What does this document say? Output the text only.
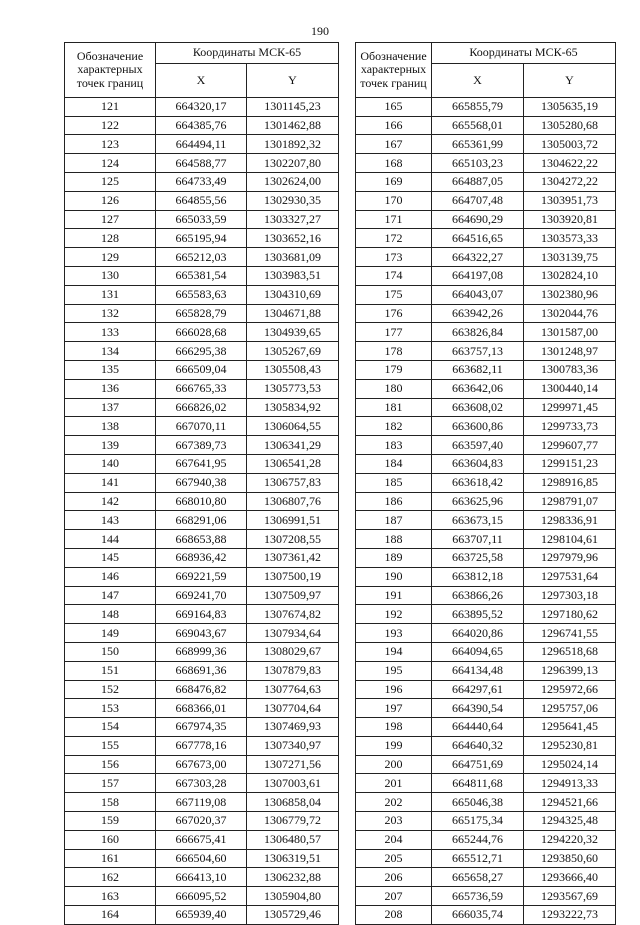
190
Обозначение характерных точек границ	Координаты МСК-65	
	X	Y
121	664320,17	1301145,23
122	664385,76	1301462,88
123	664494,11	1301892,32
124	664588,77	1302207,80
125	664733,49	1302624,00
126	664855,56	1302930,35
127	665033,59	1303327,27
128	665195,94	1303652,16
129	665212,03	1303681,09
130	665381,54	1303983,51
131	665583,63	1304310,69
132	665828,79	1304671,88
133	666028,68	1304939,65
134	666295,38	1305267,69
135	666509,04	1305508,43
136	666765,33	1305773,53
137	666826,02	1305834,92
138	667070,11	1306064,55
139	667389,73	1306341,29
140	667641,95	1306541,28
141	667940,38	1306757,83
142	668010,80	1306807,76
143	668291,06	1306991,51
144	668653,88	1307208,55
145	668936,42	1307361,42
146	669221,59	1307500,19
147	669241,70	1307509,97
148	669164,83	1307674,82
149	669043,67	1307934,64
150	668999,36	1308029,67
151	668691,36	1307879,83
152	668476,82	1307764,63
153	668366,01	1307704,64
154	667974,35	1307469,93
155	667778,16	1307340,97
156	667673,00	1307271,56
157	667303,28	1307003,61
158	667119,08	1306858,04
159	667020,37	1306779,72
160	666675,41	1306480,57
161	666504,60	1306319,51
162	666413,10	1306232,88
163	666095,52	1305904,80
164	665939,40	1305729,46
Обозначение характерных точек границ	Координаты МСК-65	
	X	Y
165	665855,79	1305635,19
166	665568,01	1305280,68
167	665361,99	1305003,72
168	665103,23	1304622,22
169	664887,05	1304272,22
170	664707,48	1303951,73
171	664690,29	1303920,81
172	664516,65	1303573,33
173	664322,27	1303139,75
174	664197,08	1302824,10
175	664043,07	1302380,96
176	663942,26	1302044,76
177	663826,84	1301587,00
178	663757,13	1301248,97
179	663682,11	1300783,36
180	663642,06	1300440,14
181	663608,02	1299971,45
182	663600,86	1299733,73
183	663597,40	1299607,77
184	663604,83	1299151,23
185	663618,42	1298916,85
186	663625,96	1298791,07
187	663673,15	1298336,91
188	663707,11	1298104,61
189	663725,58	1297979,96
190	663812,18	1297531,64
191	663866,26	1297303,18
192	663895,52	1297180,62
193	664020,86	1296741,55
194	664094,65	1296518,68
195	664134,48	1296399,13
196	664297,61	1295972,66
197	664390,54	1295757,06
198	664440,64	1295641,45
199	664640,32	1295230,81
200	664751,69	1295024,14
201	664811,68	1294913,33
202	665046,38	1294521,66
203	665175,34	1294325,48
204	665244,76	1294220,32
205	665512,71	1293850,60
206	665658,27	1293666,40
207	665736,59	1293567,69
208	666035,74	1293222,73
